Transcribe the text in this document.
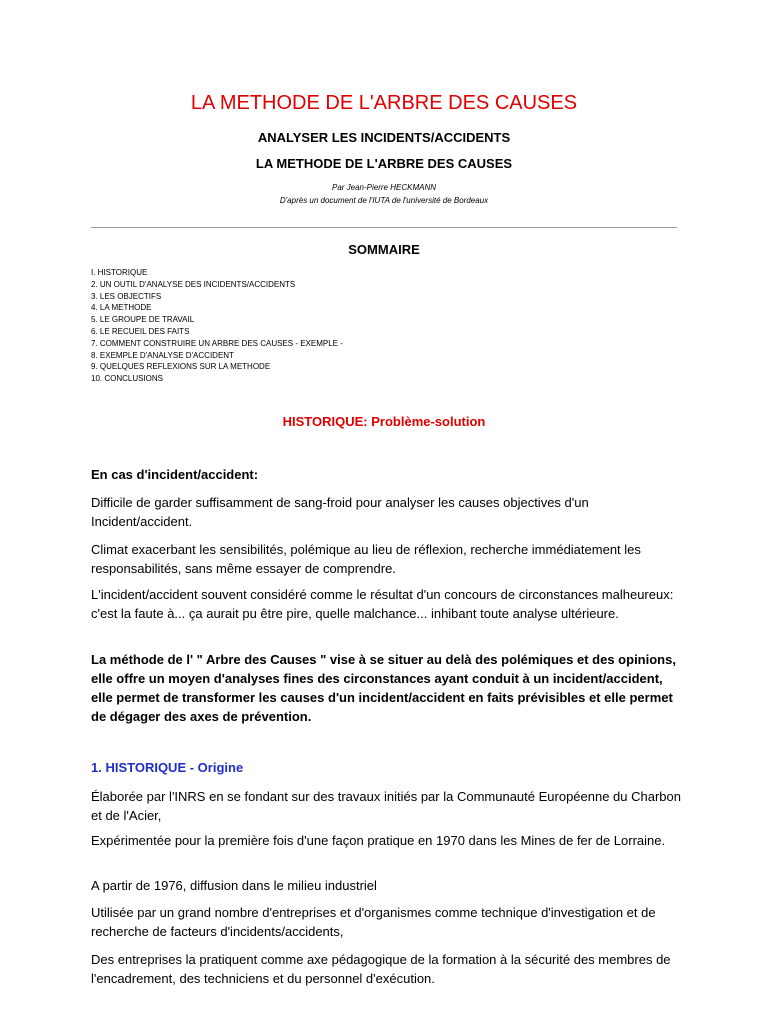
LA METHODE DE L'ARBRE DES CAUSES
ANALYSER LES INCIDENTS/ACCIDENTS
LA METHODE DE L'ARBRE DES CAUSES
Par Jean-Pierre HECKMANN
D'après un document de l'IUTA de l'université de Bordeaux
SOMMAIRE
I. HISTORIQUE
2. UN OUTIL D'ANALYSE DES INCIDENTS/ACCIDENTS
3. LES OBJECTIFS
4. LA METHODE
5. LE GROUPE DE TRAVAIL
6. LE RECUEIL DES FAITS
7. COMMENT CONSTRUIRE UN ARBRE DES CAUSES - EXEMPLE -
8. EXEMPLE D'ANALYSE D'ACCIDENT
9. QUELQUES REFLEXIONS SUR LA METHODE
10. CONCLUSIONS
HISTORIQUE: Problème-solution

En cas d'incident/accident:

Difficile de garder suffisamment de sang-froid pour analyser les causes objectives d'un Incident/accident.

Climat exacerbant les sensibilités, polémique au lieu de réflexion, recherche immédiatement les responsabilités, sans même essayer de comprendre.

L'incident/accident souvent considéré comme le résultat d'un concours de circonstances malheureux: c'est la faute à... ça aurait pu être pire, quelle malchance... inhibant toute analyse ultérieure.

La méthode de l' " Arbre des Causes " vise à se situer au delà des polémiques et des opinions, elle offre un moyen d'analyses fines des circonstances ayant conduit à un incident/accident, elle permet de transformer les causes d'un incident/accident en faits prévisibles et elle permet de dégager des axes de prévention.

1. HISTORIQUE - Origine

Élaborée par l'INRS en se fondant sur des travaux initiés par la Communauté Européenne du Charbon et de l'Acier,

Expérimentée pour la première fois d'une façon pratique en 1970 dans les Mines de fer de Lorraine.

A partir de 1976, diffusion dans le milieu industriel

Utilisée par un grand nombre d'entreprises et d'organismes comme technique d'investigation et de recherche de facteurs d'incidents/accidents,

Des entreprises la pratiquent comme axe pédagogique de la formation à la sécurité des membres de l'encadrement, des techniciens et du personnel d'exécution.
